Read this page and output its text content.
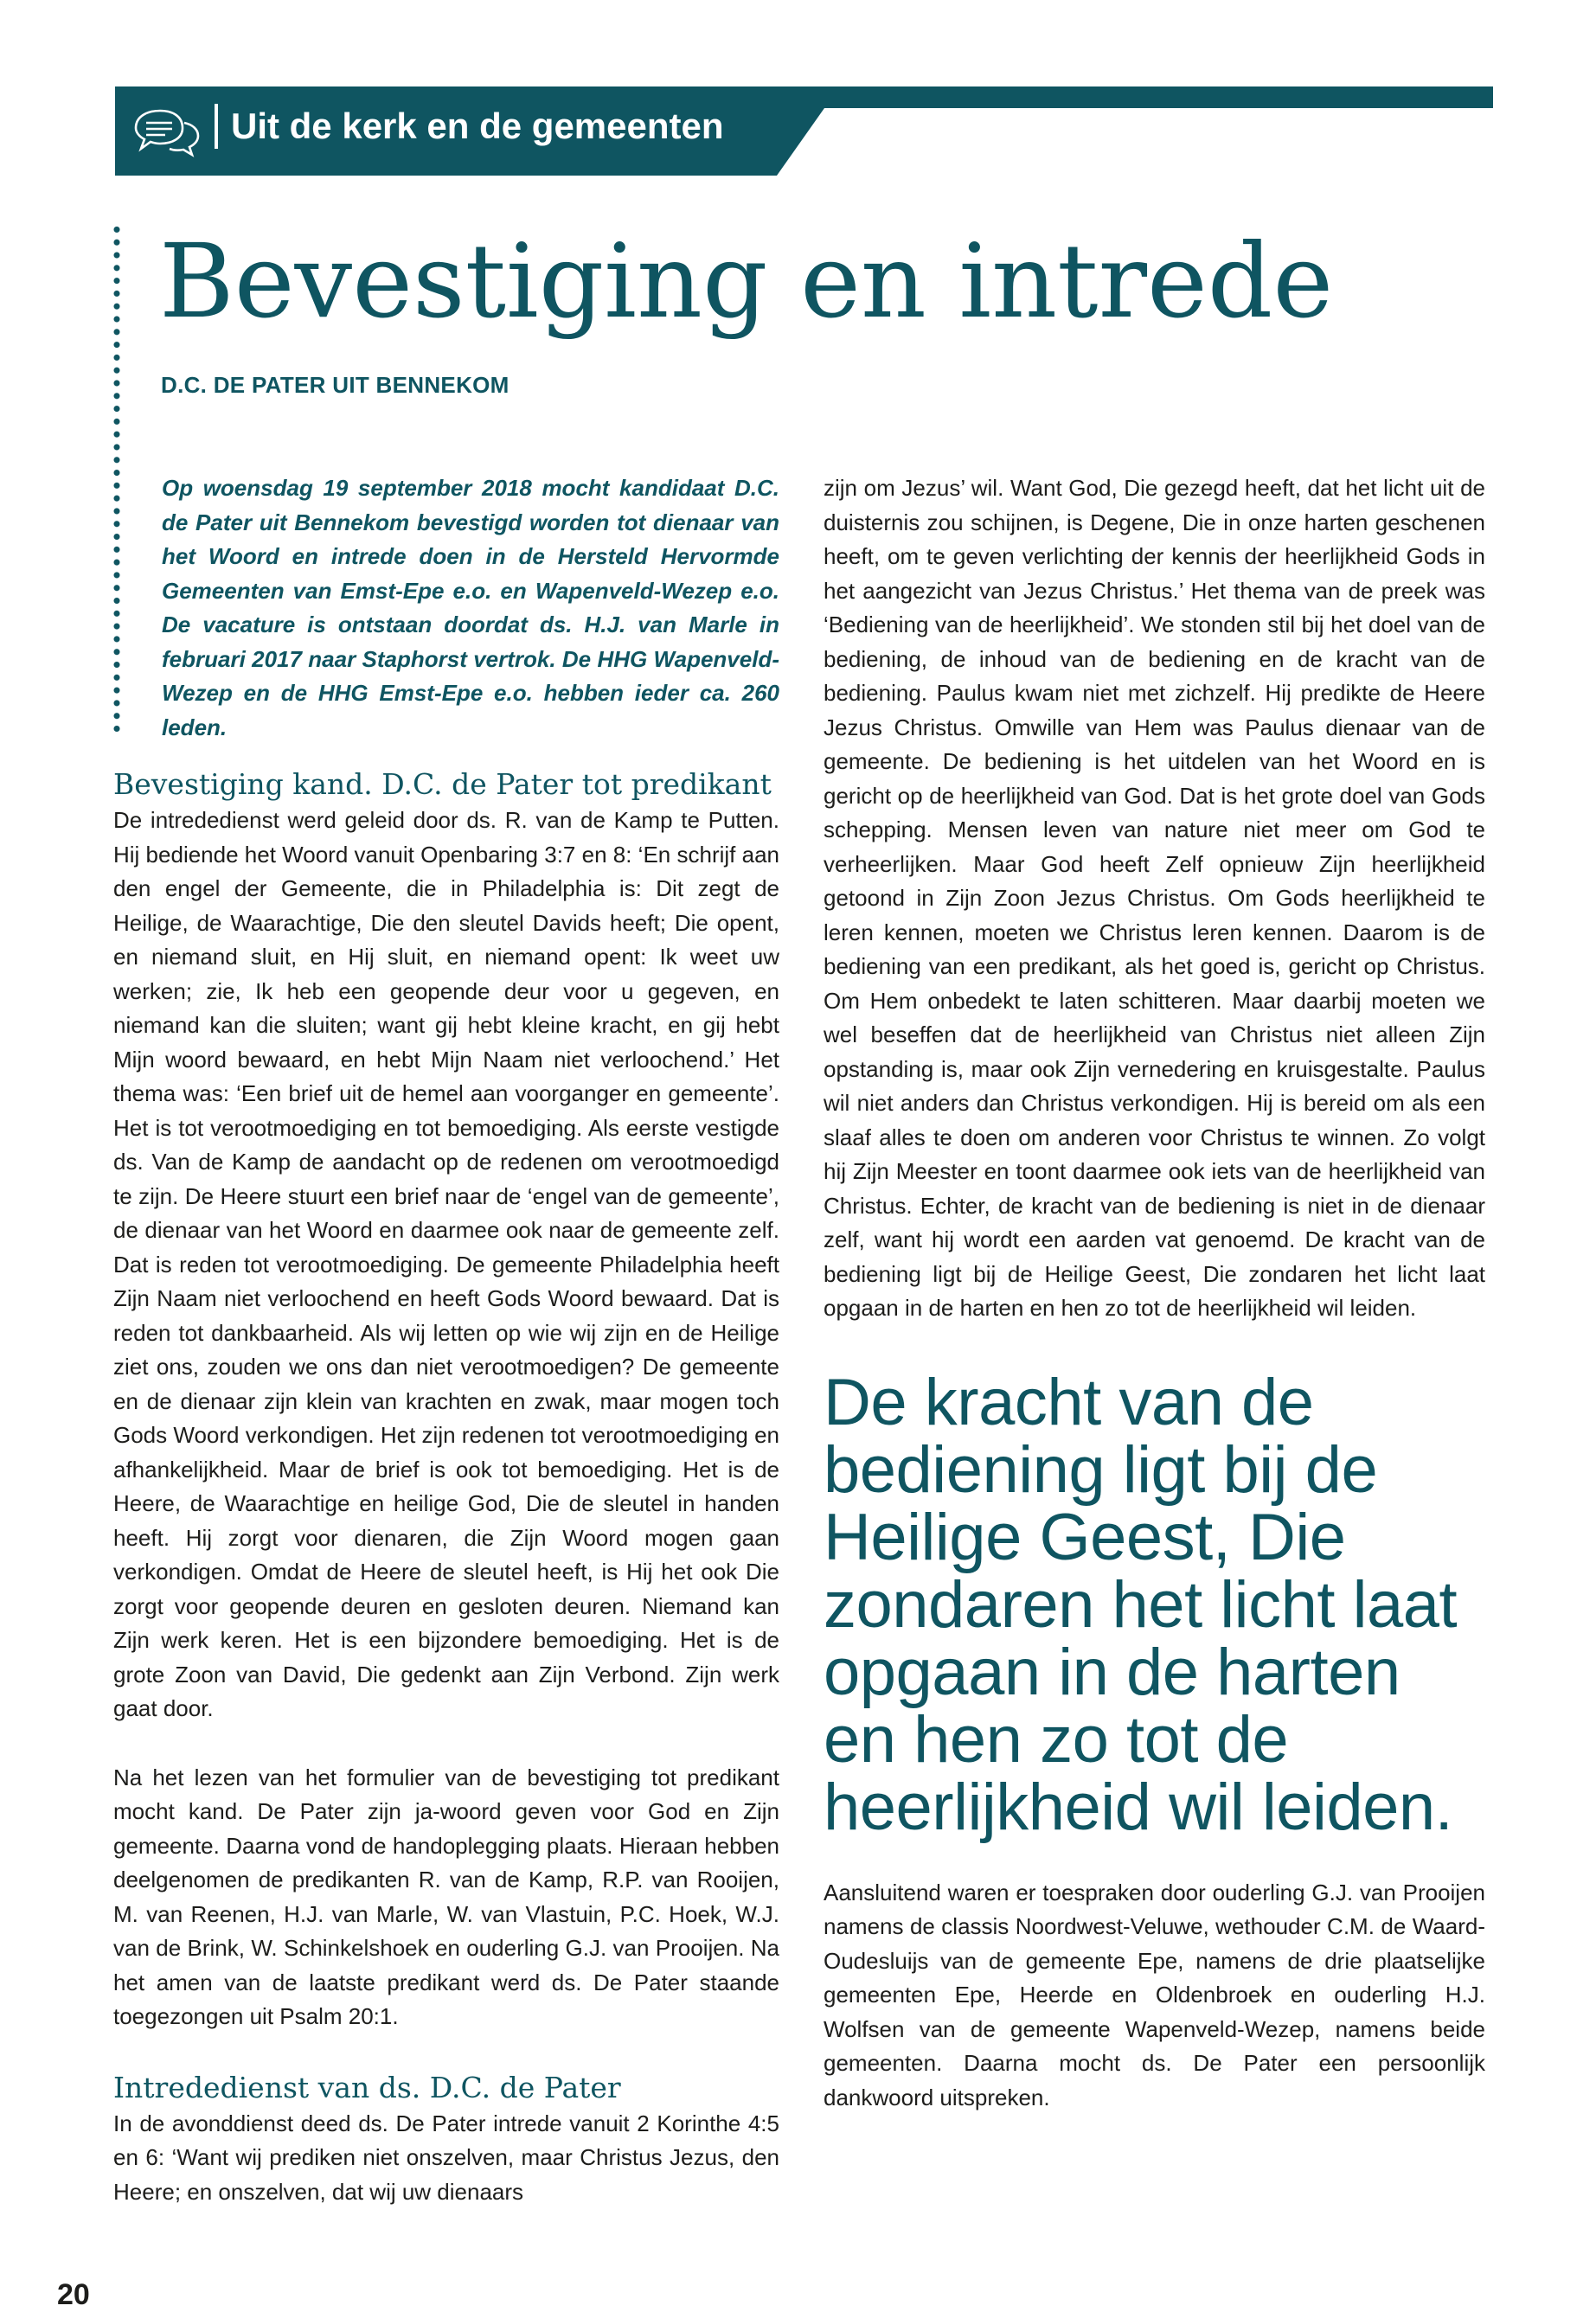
Uit de kerk en de gemeenten
Bevestiging en intrede
D.C. DE PATER UIT BENNEKOM

Op woensdag 19 september 2018 mocht kandidaat D.C. de Pater uit Bennekom bevestigd worden tot dienaar van het Woord en intrede doen in de Hersteld Hervormde Gemeenten van Emst-Epe e.o. en Wapenveld-Wezep e.o. De vacature is ontstaan doordat ds. H.J. van Marle in februari 2017 naar Staphorst vertrok. De HHG Wapenveld-Wezep en de HHG Emst-Epe e.o. hebben ieder ca. 260 leden.

Bevestiging kand. D.C. de Pater tot predikant

De intrededienst werd geleid door ds. R. van de Kamp te Putten. Hij bediende het Woord vanuit Openbaring 3:7 en 8: ‘En schrijf aan den engel der Gemeente, die in Philadelphia is: Dit zegt de Heilige, de Waarachtige, Die den sleutel Davids heeft; Die opent, en niemand sluit, en Hij sluit, en niemand opent: Ik weet uw werken; zie, Ik heb een geopende deur voor u gegeven, en niemand kan die sluiten; want gij hebt kleine kracht, en gij hebt Mijn woord bewaard, en hebt Mijn Naam niet verloochend.’ Het thema was: ‘Een brief uit de hemel aan voorganger en gemeente’. Het is tot verootmoediging en tot bemoediging. Als eerste vestigde ds. Van de Kamp de aandacht op de redenen om verootmoedigd te zijn. De Heere stuurt een brief naar de ‘engel van de gemeente’, de dienaar van het Woord en daarmee ook naar de gemeente zelf. Dat is reden tot verootmoediging. De gemeente Philadelphia heeft Zijn Naam niet verloochend en heeft Gods Woord bewaard. Dat is reden tot dankbaarheid. Als wij letten op wie wij zijn en de Heilige ziet ons, zouden we ons dan niet verootmoedigen? De gemeente en de dienaar zijn klein van krachten en zwak, maar mogen toch Gods Woord verkondigen. Het zijn redenen tot verootmoediging en afhankelijkheid. Maar de brief is ook tot bemoediging. Het is de Heere, de Waarachtige en heilige God, Die de sleutel in handen heeft. Hij zorgt voor dienaren, die Zijn Woord mogen gaan verkondigen. Omdat de Heere de sleutel heeft, is Hij het ook Die zorgt voor geopende deuren en gesloten deuren. Niemand kan Zijn werk keren. Het is een bijzondere bemoediging. Het is de grote Zoon van David, Die gedenkt aan Zijn Verbond. Zijn werk gaat door.

Na het lezen van het formulier van de bevestiging tot predikant mocht kand. De Pater zijn ja-woord geven voor God en Zijn gemeente. Daarna vond de handoplegging plaats. Hieraan hebben deelgenomen de predikanten R. van de Kamp, R.P. van Rooijen, M. van Reenen, H.J. van Marle, W. van Vlastuin, P.C. Hoek, W.J. van de Brink, W. Schinkelshoek en ouderling G.J. van Prooijen. Na het amen van de laatste predikant werd ds. De Pater staande toegezongen uit Psalm 20:1.

Intrededienst van ds. D.C. de Pater

In de avonddienst deed ds. De Pater intrede vanuit 2 Korinthe 4:5 en 6: ‘Want wij prediken niet onszelven, maar Christus Jezus, den Heere; en onszelven, dat wij uw dienaars

zijn om Jezus’ wil. Want God, Die gezegd heeft, dat het licht uit de duisternis zou schijnen, is Degene, Die in onze harten geschenen heeft, om te geven verlichting der kennis der heerlijkheid Gods in het aangezicht van Jezus Christus.’ Het thema van de preek was ‘Bediening van de heerlijkheid’. We stonden stil bij het doel van de bediening, de inhoud van de bediening en de kracht van de bediening. Paulus kwam niet met zichzelf. Hij predikte de Heere Jezus Christus. Omwille van Hem was Paulus dienaar van de gemeente. De bediening is het uitdelen van het Woord en is gericht op de heerlijkheid van God. Dat is het grote doel van Gods schepping. Mensen leven van nature niet meer om God te verheerlijken. Maar God heeft Zelf opnieuw Zijn heerlijkheid getoond in Zijn Zoon Jezus Christus. Om Gods heerlijkheid te leren kennen, moeten we Christus leren kennen. Daarom is de bediening van een predikant, als het goed is, gericht op Christus. Om Hem onbedekt te laten schitteren. Maar daarbij moeten we wel beseffen dat de heerlijkheid van Christus niet alleen Zijn opstanding is, maar ook Zijn vernedering en kruisgestalte. Paulus wil niet anders dan Christus verkondigen. Hij is bereid om als een slaaf alles te doen om anderen voor Christus te winnen. Zo volgt hij Zijn Meester en toont daarmee ook iets van de heerlijkheid van Christus. Echter, de kracht van de bediening is niet in de dienaar zelf, want hij wordt een aarden vat genoemd. De kracht van de bediening ligt bij de Heilige Geest, Die zondaren het licht laat opgaan in de harten en hen zo tot de heerlijkheid wil leiden.

De kracht van de bediening ligt bij de Heilige Geest, Die zondaren het licht laat opgaan in de harten en hen zo tot de heerlijkheid wil leiden.

Aansluitend waren er toespraken door ouderling G.J. van Prooijen namens de classis Noordwest-Veluwe, wethouder C.M. de Waard-Oudesluijs van de gemeente Epe, namens de drie plaatselijke gemeenten Epe, Heerde en Oldenbroek en ouderling H.J. Wolfsen van de gemeente Wapenveld-Wezep, namens beide gemeenten. Daarna mocht ds. De Pater een persoonlijk dankwoord uitspreken.

20
